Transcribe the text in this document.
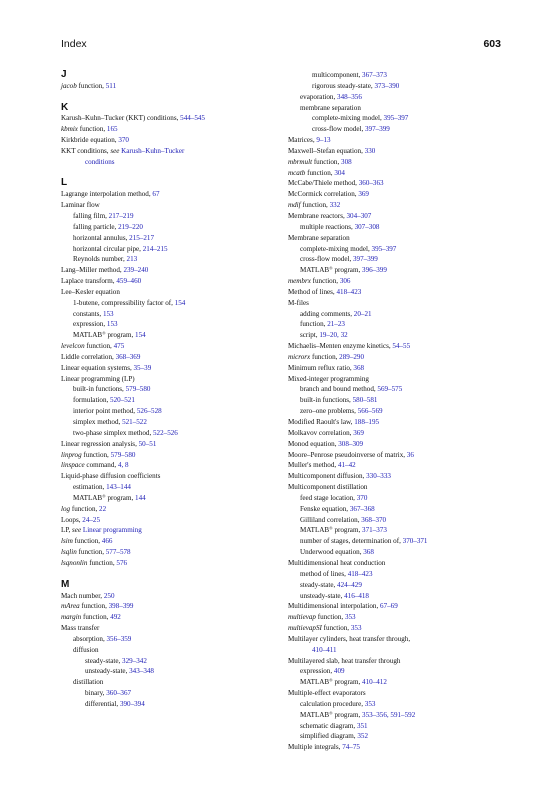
Index	603
J
jacob function, 511
K
Karush–Kuhn–Tucker (KKT) conditions, 544–545
kbmix function, 165
Kirkbride equation, 370
KKT conditions, see Karush–Kuhn–Tucker
conditions
L
Lagrange interpolation method, 67
Laminar flow
falling film, 217–219
falling particle, 219–220
horizontal annulus, 215–217
horizontal circular pipe, 214–215
Reynolds number, 213
Lang–Miller method, 239–240
Laplace transform, 459–460
Lee–Kesler equation
1-butene, compressibility factor of, 154
constants, 153
expression, 153
MATLAB® program, 154
levelcon function, 475
Liddle correlation, 368–369
Linear equation systems, 35–39
Linear programming (LP)
built-in functions, 579–580
formulation, 520–521
interior point method, 526–528
simplex method, 521–522
two-phase simplex method, 522–526
Linear regression analysis, 50–51
linprog function, 579–580
linspace command, 4, 8
Liquid-phase diffusion coefficients
estimation, 143–144
MATLAB® program, 144
log function, 22
Loops, 24–25
LP, see Linear programming
lsim function, 466
lsqlin function, 577–578
lsqnonlin function, 576
M
Mach number, 250
mArea function, 398–399
margin function, 492
Mass transfer
absorption, 356–359
diffusion
steady-state, 329–342
unsteady-state, 343–348
distillation
binary, 360–367
differential, 390–394
multicomponent, 367–373
rigorous steady-state, 373–390
evaporation, 348–356
membrane separation
complete-mixing model, 395–397
cross-flow model, 397–399
Matrices, 9–13
Maxwell–Stefan equation, 330
mbrmult function, 308
mcatb function, 304
McCabe/Thiele method, 360–363
McCormick correlation, 369
mdif function, 332
Membrane reactors, 304–307
multiple reactions, 307–308
Membrane separation
complete-mixing model, 395–397
cross-flow model, 397–399
MATLAB® program, 396–399
membrx function, 306
Method of lines, 418–423
M-files
adding comments, 20–21
function, 21–23
script, 19–20, 32
Michaelis–Menten enzyme kinetics, 54–55
microrx function, 289–290
Minimum reflux ratio, 368
Mixed-integer programming
branch and bound method, 569–575
built-in functions, 580–581
zero–one problems, 566–569
Modified Raoult's law, 188–195
Molkavov correlation, 369
Monod equation, 308–309
Moore–Penrose pseudoinverse of matrix, 36
Muller's method, 41–42
Multicomponent diffusion, 330–333
Multicomponent distillation
feed stage location, 370
Fenske equation, 367–368
Gilliland correlation, 368–370
MATLAB® program, 371–373
number of stages, determination of, 370–371
Underwood equation, 368
Multidimensional heat conduction
method of lines, 418–423
steady-state, 424–429
unsteady-state, 416–418
Multidimensional interpolation, 67–69
multievap function, 353
multievapSI function, 353
Multilayer cylinders, heat transfer through,
410–411
Multilayered slab, heat transfer through
expression, 409
MATLAB® program, 410–412
Multiple-effect evaporators
calculation procedure, 353
MATLAB® program, 353–356, 591–592
schematic diagram, 351
simplified diagram, 352
Multiple integrals, 74–75
